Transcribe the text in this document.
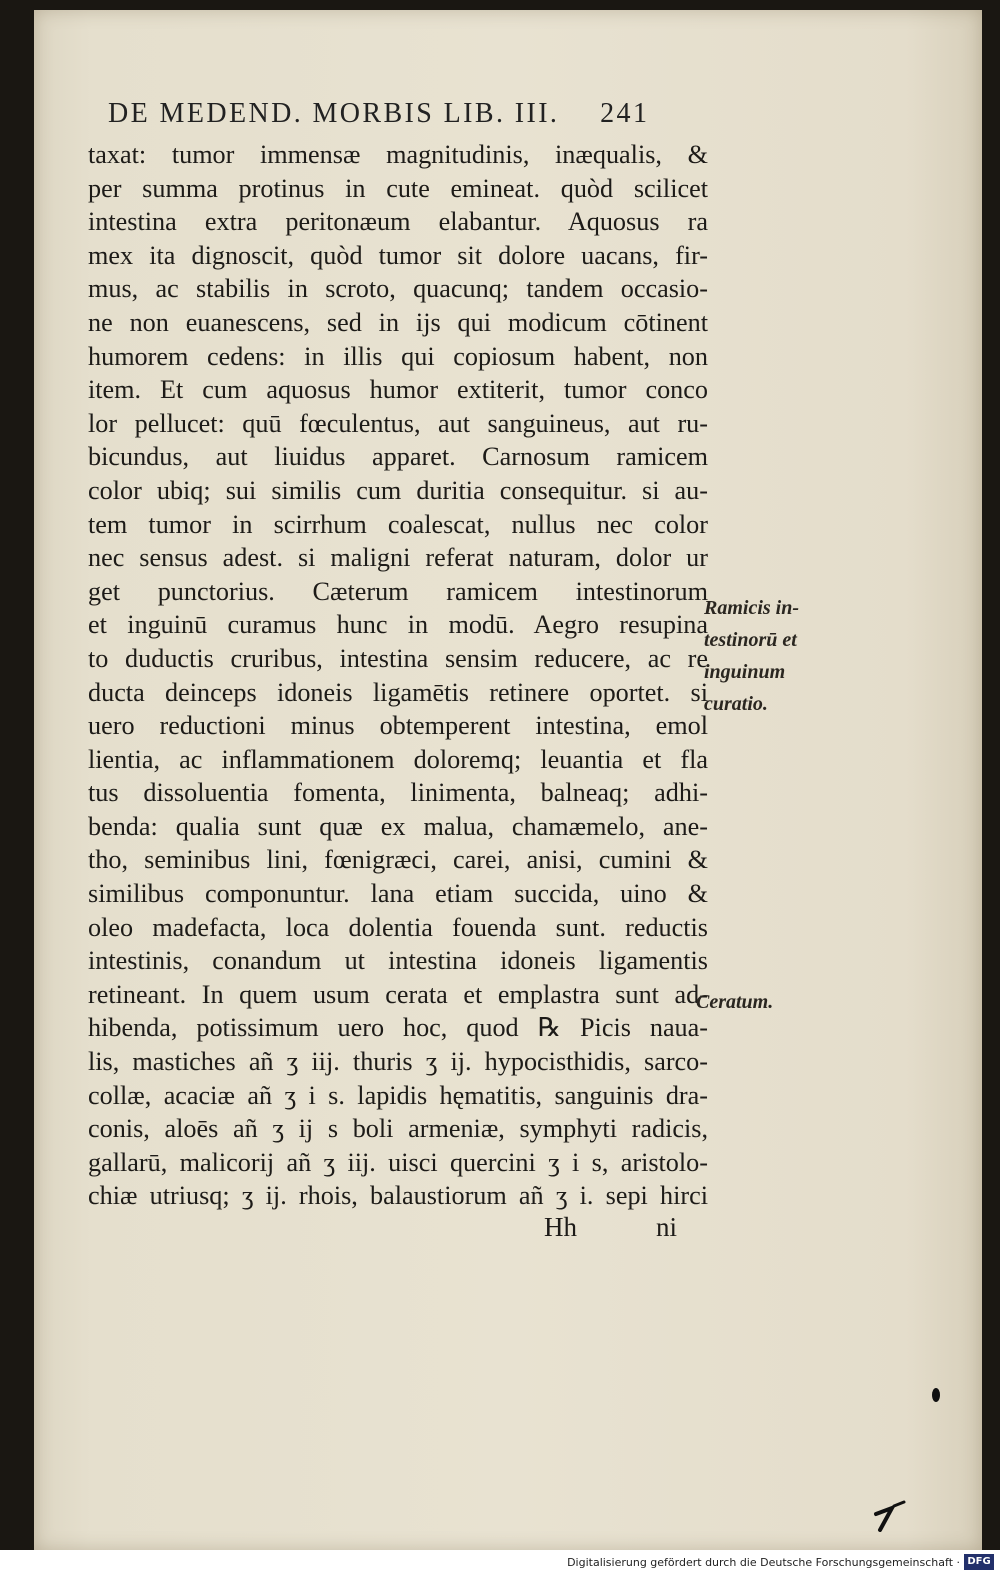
DE MEDEND. MORBIS LIB. III. 241
taxat: tumor immensæ magnitudinis, inæqualis, &
per summa protinus in cute emineat. quòd scilicet
intestina extra peritonæum elabantur. Aquosus ra
mex ita dignoscit, quòd tumor sit dolore uacans, fir-
mus, ac stabilis in scroto, quacunq; tandem occasio-
ne non euanescens, sed in ijs qui modicum cōtinent
humorem cedens: in illis qui copiosum habent, non
item. Et cum aquosus humor extiterit, tumor conco
lor pellucet: quū fœculentus, aut sanguineus, aut ru-
bicundus, aut liuidus apparet. Carnosum ramicem
color ubiq; sui similis cum duritia consequitur. si au-
tem tumor in scirrhum coalescat, nullus nec color
nec sensus adest. si maligni referat naturam, dolor ur
get punctorius. Cæterum ramicem intestinorum
et inguinū curamus hunc in modū. Aegro resupina
to duductis cruribus, intestina sensim reducere, ac re
ducta deinceps idoneis ligamētis retinere oportet. si
uero reductioni minus obtemperent intestina, emol
lientia, ac inflammationem doloremq; leuantia et fla
tus dissoluentia fomenta, linimenta, balneaq; adhi-
benda: qualia sunt quæ ex malua, chamæmelo, ane-
tho, seminibus lini, fœnigræci, carei, anisi, cumini &
similibus componuntur. lana etiam succida, uino &
oleo madefacta, loca dolentia fouenda sunt. reductis
intestinis, conandum ut intestina idoneis ligamentis
retineant. In quem usum cerata et emplastra sunt ad-
hibenda, potissimum uero hoc, quod ℞ Picis naua-
lis, mastiches añ ʒ iij. thuris ʒ ij. hypocisthidis, sarco-
collæ, acaciæ añ ʒ i s. lapidis hęmatitis, sanguinis dra-
conis, aloēs añ ʒ ij s boli armeniæ, symphyti radicis,
gallarū, malicorij añ ʒ iij. uisci quercini ʒ i s, aristolo-
chiæ utriusq; ʒ ij. rhois, balaustiorum añ ʒ i. sepi hirci
Hh	ni
Ramicis in-
testinorū et
inguinum
curatio.
Ceratum.
Digitalisierung gefördert durch die Deutsche Forschungsgemeinschaft · DFG
